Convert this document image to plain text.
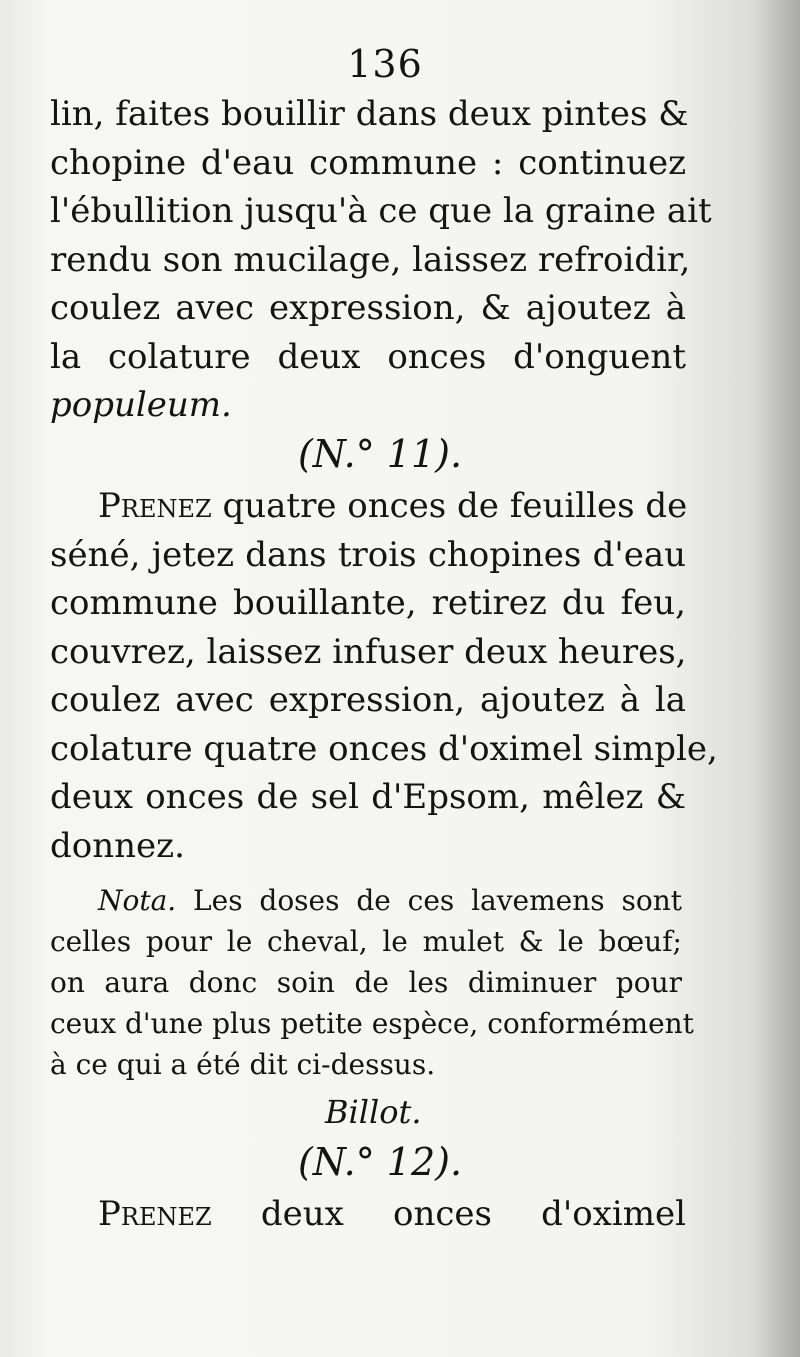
136
lin, faites bouillir dans deux pintes &
chopine d'eau commune : continuez
l'ébullition jusqu'à ce que la graine ait
rendu son mucilage, laissez refroidir,
coulez avec expression, & ajoutez à
la colature deux onces d'onguent
populeum.
(N.° 11).
Prenez quatre onces de feuilles de
séné, jetez dans trois chopines d'eau
commune bouillante, retirez du feu,
couvrez, laissez infuser deux heures,
coulez avec expression, ajoutez à la
colature quatre onces d'oximel simple,
deux onces de sel d'Epsom, mêlez &
donnez.
Nota. Les doses de ces lavemens sont
celles pour le cheval, le mulet & le bœuf;
on aura donc soin de les diminuer pour
ceux d'une plus petite espèce, conformément
à ce qui a été dit ci-dessus.
Billot.
(N.° 12).
Prenez deux onces d'oximel
